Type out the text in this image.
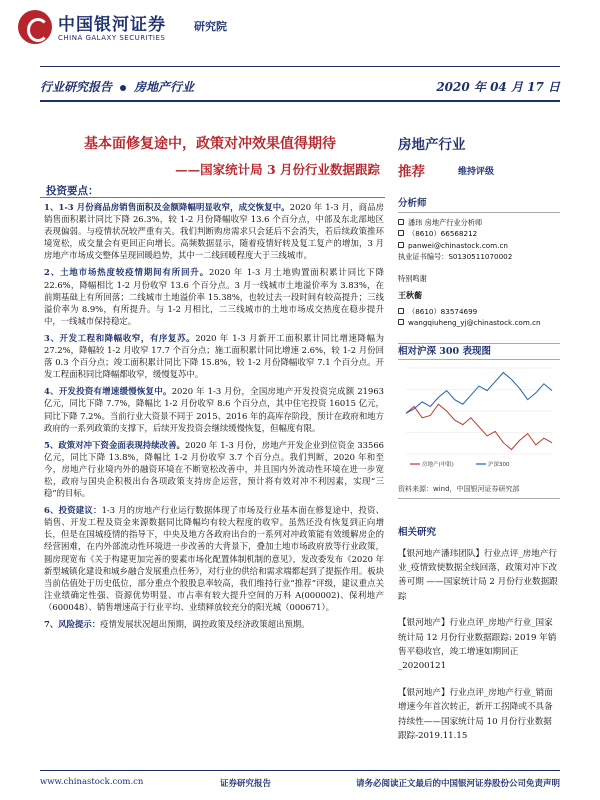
中国银河证券
CHINA GALAXY SECURITIES
研究院
行业研究报告 房地产行业	2020 年 04 月 17 日
基本面修复途中，政策对冲效果值得期待
——国家统计局 3 月份行业数据跟踪
房地产行业
推荐	维持评级
投资要点：

1、1-3 月份商品房销售面积及金额降幅明显收窄，成交恢复中。2020 年 1-3 月，商品房销售面积累计同比下降 26.3%，较 1-2 月份降幅收窄 13.6 个百分点，中部及东北部地区表现偏弱。与疫情状况较严重有关。我们判断购房需求只会延后不会消失，若后续政策推环境宽松，成交量会有更回正向增长。高频数据显示，随着疫情好转及复工复产的增加，3 月房地产市场成交整体呈现回暖趋势，其中一二线回暖程度大于三线城市。

2、土地市场热度较疫情期间有所回升。2020 年 1-3 月土地购置面积累计同比下降 22.6%，降幅相比 1-2 月份收窄 13.6 个百分点。3 月一线城市土地溢价率为 3.83%，在前期基础上有所回落；二线城市土地溢价率 15.38%，也较过去一段时间有较高提升；三线溢价率为 8.9%，有所提升。与 1-2 月相比，二三线城市的土地市场成交热度在稳步提升中，一线城市保持稳定。

3、开发工程和降幅收窄，有序复苏。2020 年 1-3 月新开工面积累计同比增速降幅为 27.2%，降幅较 1-2 月收窄 17.7 个百分点；施工面积累计同比增速 2.6%，较 1-2 月份回落 0.3 个百分点；竣工面积累计同比下降 15.8%，较 1-2 月份降幅收窄 7.1 个百分点。开发工程面积同比降幅都收窄，缓慢复苏中。

4、开发投资有增速缓慢恢复中。2020 年 1-3 月份，全国房地产开发投资完成额 21963 亿元，同比下降 7.7%，降幅比 1-2 月份收窄 8.6 个百分点，其中住宅投资 16015 亿元，同比下降 7.2%。当前行业大资景不同于 2015、2016 年的高库存阶段，预计在政府和地方政府的一系列政策的支撑下，后续开发投资会继续缓慢恢复，但幅度有限。

5、政策对冲下资金面表现持续改善。2020 年 1-3 月份，房地产开发企业到位资金 33566 亿元，同比下降 13.8%，降幅比 1-2 月份收窄 3.7 个百分点。我们判断，2020 年和至今，房地产行业境内外的融资环境在不断宽松改善中，并且国内外流动性环境在进一步宽松，政府与国央企积极出台各项政策支持房企运营，预计将有效对冲不利因素，实现“三稳”的目标。

6、投资建议：1-3 月的房地产行业运行数据体现了市场及行业基本面在修复途中，投资、销售、开发工程及资金来源数据同比降幅均有较大程度的收窄。虽然还没有恢复到正向增长，但是在国城疫情的指导下，中央及地方各政府出台的一系列对冲政策能有效缓解房企的经营困难，在内外部流动性环境进一步改善的大背景下，叠加土地市场政府放等行业政策，圆房现宽布《关于构建更加完善的要素市场化配置体制机制的意见》，发改委发布《2020 年新型城镇化建设和城乡融合发展重点任务》，对行业的供给和需求端都起到了提振作用。板块当前估值处于历史低位，部分重点个股股息率较高，我们维持行业“推荐”评级，建议重点关注业绩确定性强、资源优势明显、市占率有较大提升空间的万科 A(000002)、保利地产（600048）、销售增速高于行业平均、业绩释放较充分的阳光城（000671）。

7、风险提示：疫情发展状况超出预期，调控政策及经济政策超出预期。

分析师
潘玮 房地产行业分析师
（8610）66568212
panwei@chinastock.com.cn
执业证书编号：S0130511070002
特别鸣谢
王秋蘅
（8610）83574699
wangqiuheng_yj@chinastock.com.cn
相对沪深 300 表现图
房地产(申银)	沪深300
资料来源：wind，中国银河证券研究部
相关研究
【银河地产潘玮团队】行业点评_房地产行业_疫情致使数据全线回落，政策对冲下改善可期 ——国家统计局 2 月份行业数据跟踪
【银河地产】行业点评_房地产行业_国家统计局 12 月份行业数据跟踪: 2019 年销售平稳收官，竣工增速如期回正_20200121
【银河地产】行业点评_房地产行业_销面增速今年首次转正，新开工拐降或不具备持续性——国家统计局 10 月份行业数据跟踪-2019.11.15
www.chinastock.com.cn	证券研究报告	请务必阅读正文最后的中国银河证券股份公司免责声明
